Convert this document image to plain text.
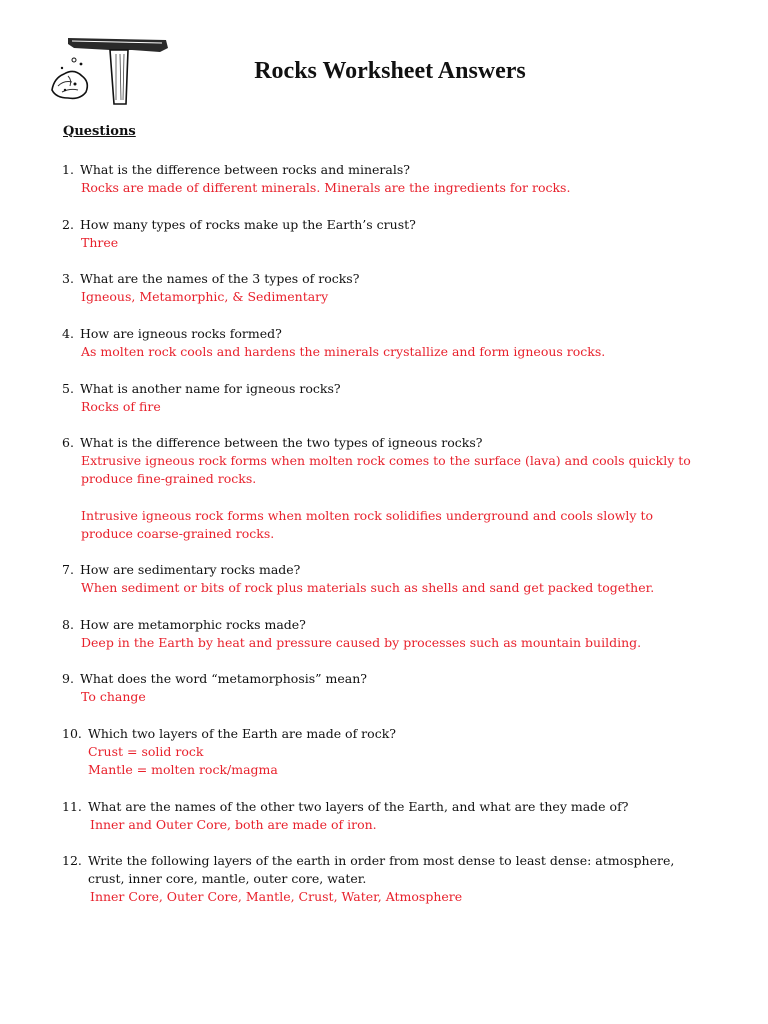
Rocks Worksheet Answers
Questions
1. What is the difference between rocks and minerals?
Rocks are made of different minerals. Minerals are the ingredients for rocks.
2. How many types of rocks make up the Earth’s crust?
Three
3. What are the names of the 3 types of rocks?
Igneous, Metamorphic, & Sedimentary
4. How are igneous rocks formed?
As molten rock cools and hardens the minerals crystallize and form igneous rocks.
5. What is another name for igneous rocks?
Rocks of fire
6. What is the difference between the two types of igneous rocks?
Extrusive igneous rock forms when molten rock comes to the surface (lava) and cools quickly to
produce fine-grained rocks.
Intrusive igneous rock forms when molten rock solidifies underground and cools slowly to
produce coarse-grained rocks.
7. How are sedimentary rocks made?
When sediment or bits of rock plus materials such as shells and sand get packed together.
8. How are metamorphic rocks made?
Deep in the Earth by heat and pressure caused by processes such as mountain building.
9. What does the word “metamorphosis” mean?
To change
10. Which two layers of the Earth are made of rock?
Crust = solid rock
Mantle = molten rock/magma
11. What are the names of the other two layers of the Earth, and what are they made of?
Inner and Outer Core, both are made of iron.
12. Write the following layers of the earth in order from most dense to least dense: atmosphere,
crust, inner core, mantle, outer core, water.
Inner Core, Outer Core, Mantle, Crust, Water, Atmosphere
